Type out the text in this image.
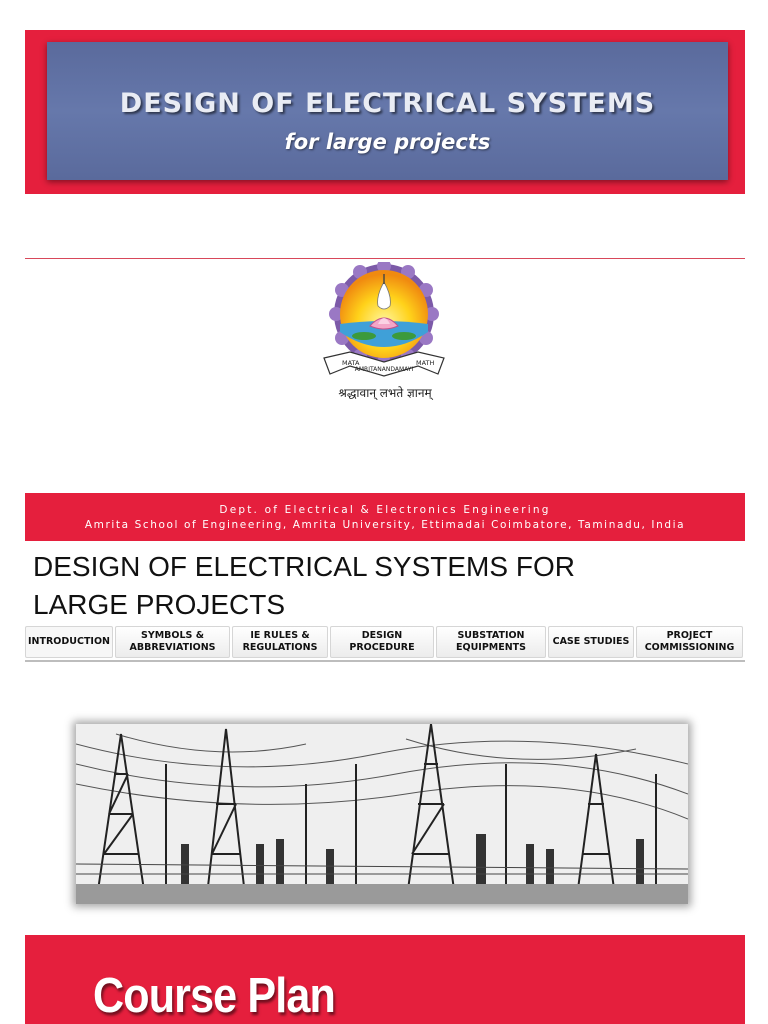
DESIGN OF ELECTRICAL SYSTEMS
for large projects
MATA
AMRITANANDAMAYI
MATH
श्रद्धावान् लभते ज्ञानम्
Dept. of Electrical & Electronics Engineering
Amrita School of Engineering, Amrita University, Ettimadai Coimbatore, Taminadu, India
DESIGN OF ELECTRICAL SYSTEMS FOR LARGE PROJECTS
INTRODUCTION
SYMBOLS & ABBREVIATIONS
IE RULES & REGULATIONS
DESIGN PROCEDURE
SUBSTATION EQUIPMENTS
CASE STUDIES
PROJECT COMMISSIONING
Course Plan
